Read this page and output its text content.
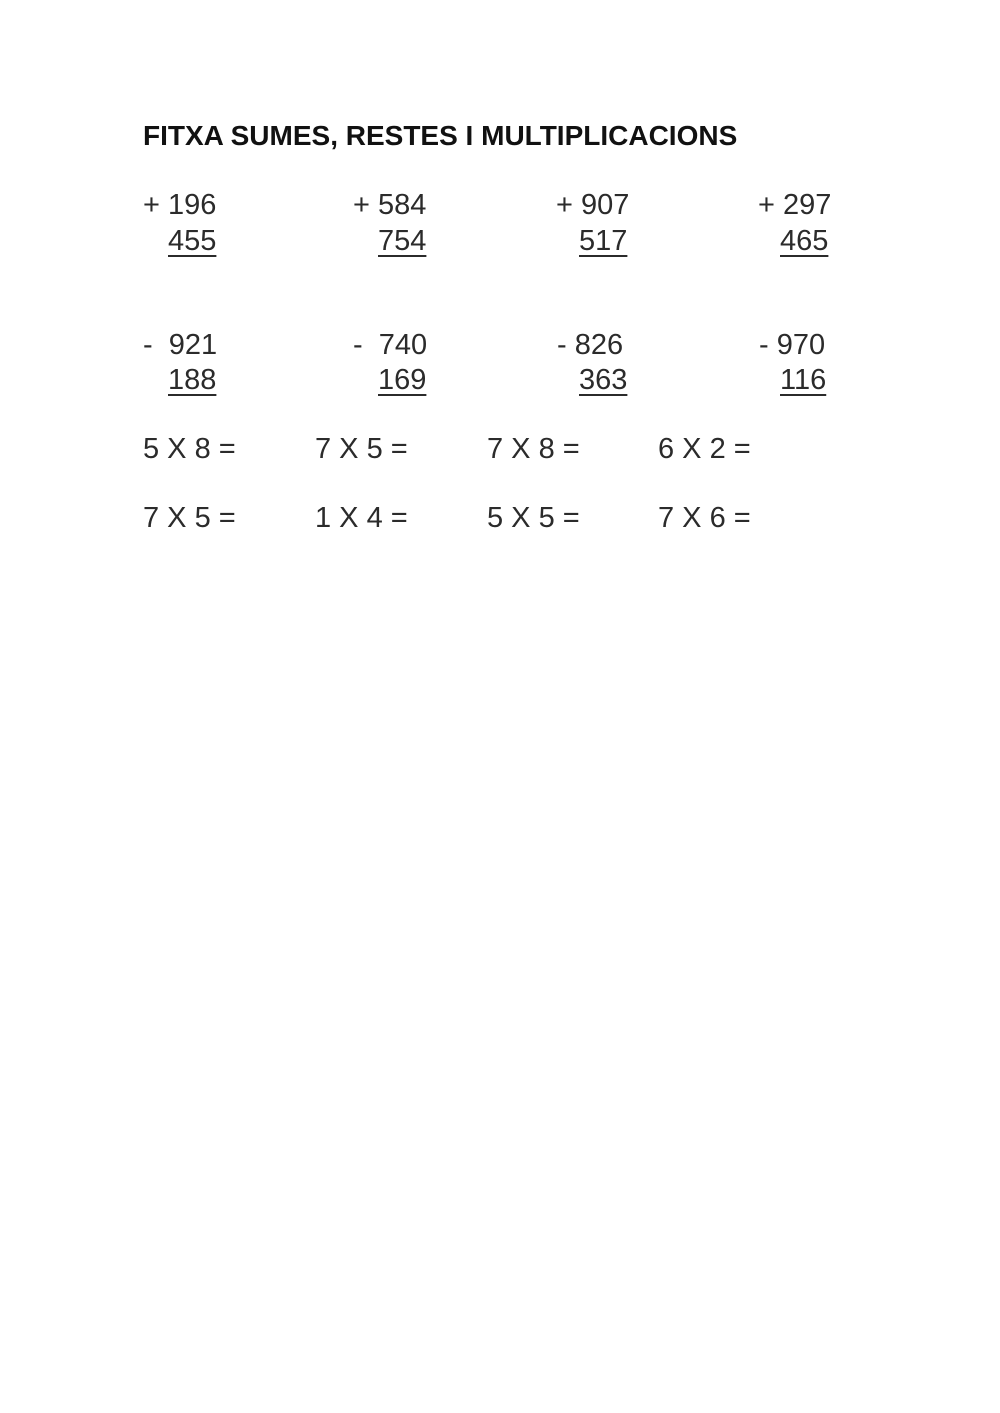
FITXA SUMES, RESTES I MULTIPLICACIONS
+ 196	+ 584	+ 907	+ 297
455	754	517	465
-  921	-  740	- 826	- 970
188	169	363	116
5 X 8 =	7 X 5 =	7 X 8 =	6 X 2 =
7 X 5 =	1 X 4 =	5 X 5 =	7 X 6 =
